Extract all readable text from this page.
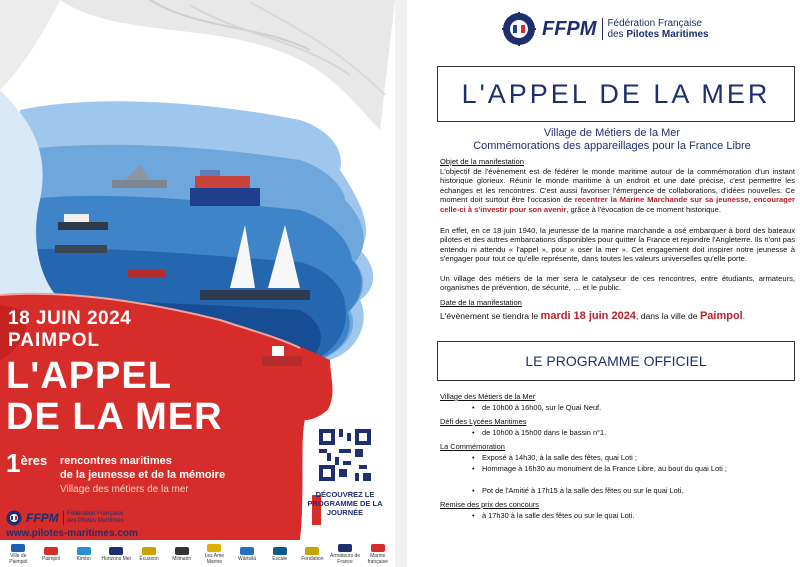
18 JUIN 2024
PAIMPOL
L'APPEL
DE LA MER
1ères rencontres maritimes
de la jeunesse et de la mémoire
Village des métiers de la mer	DÉCOUVREZ LE PROGRAMME DE LA JOURNÉE
FFPM	Fédération Française
des Pilotes Maritimes
www.pilotes-maritimes.com
Ville de Paimpol	Paimpol	Kimbo	Horizons Mer	Écusson	Milmarin	Les Ame Marine	Wärtsilä	Escale	Fondation	Armateurs de France
Marine française
FFPM	Fédération Française
des Pilotes Maritimes
L'APPEL DE LA MER
Village de Métiers de la Mer
Commémorations des appareillages pour la France Libre
Objet de la manifestation
L'objectif de l'évènement est de fédérer le monde maritime autour de la commémoration d'un instant historique glorieux. Réunir le monde maritime à un endroit et une date précise, c'est permettre les échanges et les rencontres. C'est aussi favoriser l'émergence de collaborations, d'idées nouvelles. Ce moment doit surtout être l'occasion de recentrer la Marine Marchande sur sa jeunesse, encourager celle-ci à s'investir pour son avenir, grâce à l'évocation de ce moment historique.
En effet, en ce 18 juin 1940, la jeunesse de la marine marchande a osé embarquer à bord des bateaux pilotes et des autres embarcations disponibles pour quitter la France et rejoindre l'Angleterre. Ils n'ont pas entendu ni attendu « l'appel », pour « oser la mer ». Cet engagement doit inspirer notre jeunesse à s'engager pour tout ce qu'elle représente, dans toutes les valeurs universelles qu'elle porte.
Un village des métiers de la mer sera le catalyseur de ces rencontres, entre étudiants, armateurs, organismes de prévention, de sécurité, … et le public.
Date de la manifestation
L'évènement se tiendra le mardi 18 juin 2024, dans la ville de Paimpol.
LE PROGRAMME OFFICIEL
Village des Métiers de la Mer
• de 10h00 à 16h00, sur le Quai Neuf.
Défi des Lycées Maritimes
• de 10h00 à 15h00 dans le bassin n°1.
La Commémoration
• Exposé à 14h30, à la salle des fêtes, quai Loti ;
• Hommage à 16h30 au monument de la France Libre, au bout du quai Loti ;
• Pot de l'Amitié à 17h15 à la salle des fêtes ou sur le quai Loti.
Remise des prix des concours
• à 17h30 à la salle des fêtes ou sur le quai Loti.
